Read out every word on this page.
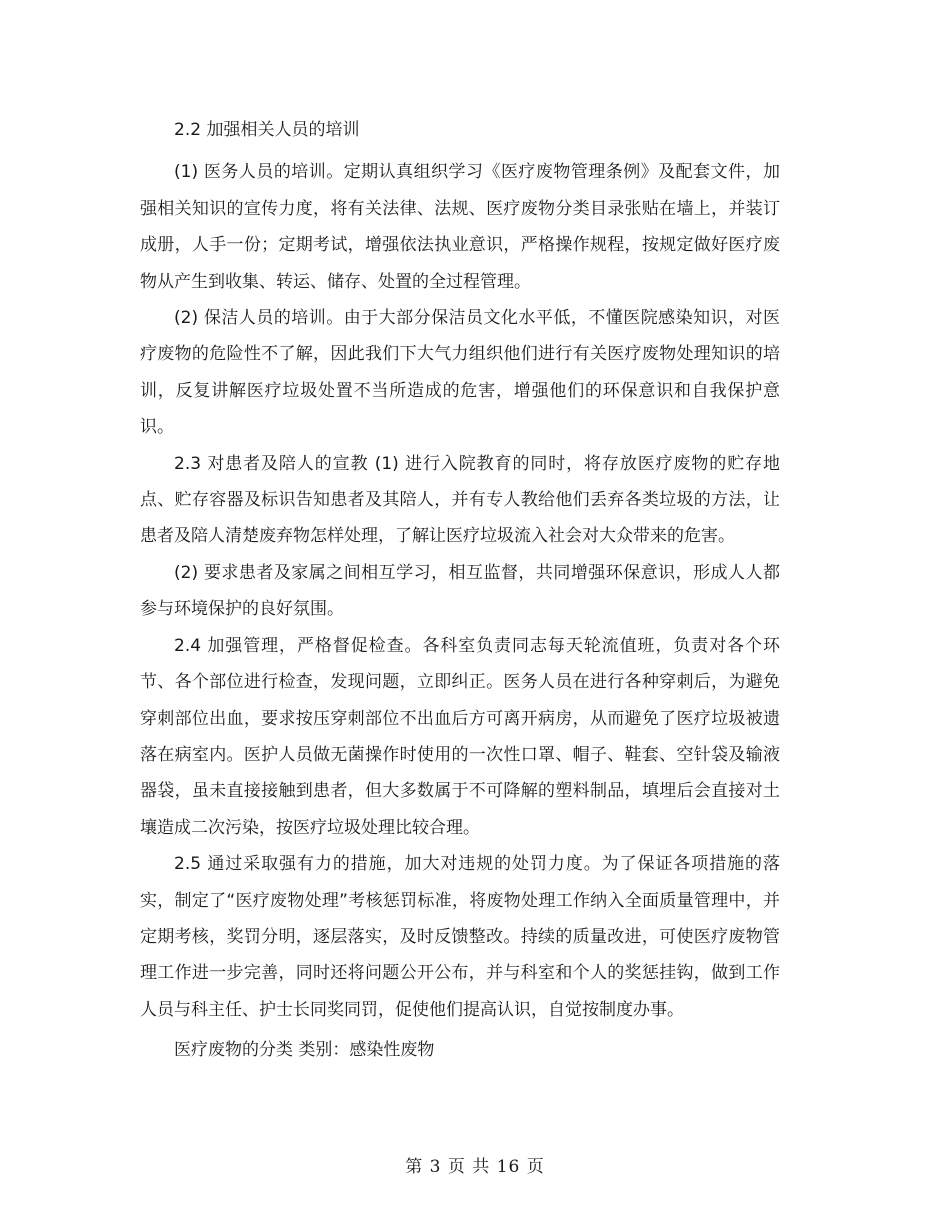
2.2 加强相关人员的培训

(1) 医务人员的培训。定期认真组织学习《医疗废物管理条例》及配套文件，加强相关知识的宣传力度，将有关法律、法规、医疗废物分类目录张贴在墙上，并装订成册，人手一份；定期考试，增强依法执业意识，严格操作规程，按规定做好医疗废物从产生到收集、转运、储存、处置的全过程管理。

(2) 保洁人员的培训。由于大部分保洁员文化水平低，不懂医院感染知识，对医疗废物的危险性不了解，因此我们下大气力组织他们进行有关医疗废物处理知识的培训，反复讲解医疗垃圾处置不当所造成的危害，增强他们的环保意识和自我保护意识。

2.3 对患者及陪人的宣教 (1) 进行入院教育的同时，将存放医疗废物的贮存地点、贮存容器及标识告知患者及其陪人，并有专人教给他们丢弃各类垃圾的方法，让患者及陪人清楚废弃物怎样处理，了解让医疗垃圾流入社会对大众带来的危害。

(2) 要求患者及家属之间相互学习，相互监督，共同增强环保意识，形成人人都参与环境保护的良好氛围。

2.4 加强管理，严格督促检查。各科室负责同志每天轮流值班，负责对各个环节、各个部位进行检查，发现问题，立即纠正。医务人员在进行各种穿刺后，为避免穿刺部位出血，要求按压穿刺部位不出血后方可离开病房，从而避免了医疗垃圾被遗落在病室内。医护人员做无菌操作时使用的一次性口罩、帽子、鞋套、空针袋及输液器袋，虽未直接接触到患者，但大多数属于不可降解的塑料制品，填埋后会直接对土壤造成二次污染，按医疗垃圾处理比较合理。

2.5 通过采取强有力的措施，加大对违规的处罚力度。为了保证各项措施的落实，制定了“医疗废物处理”考核惩罚标准，将废物处理工作纳入全面质量管理中，并定期考核，奖罚分明，逐层落实，及时反馈整改。持续的质量改进，可使医疗废物管理工作进一步完善，同时还将问题公开公布，并与科室和个人的奖惩挂钩，做到工作人员与科主任、护士长同奖同罚，促使他们提高认识，自觉按制度办事。

医疗废物的分类 类别：感染性废物

第 3 页 共 16 页
